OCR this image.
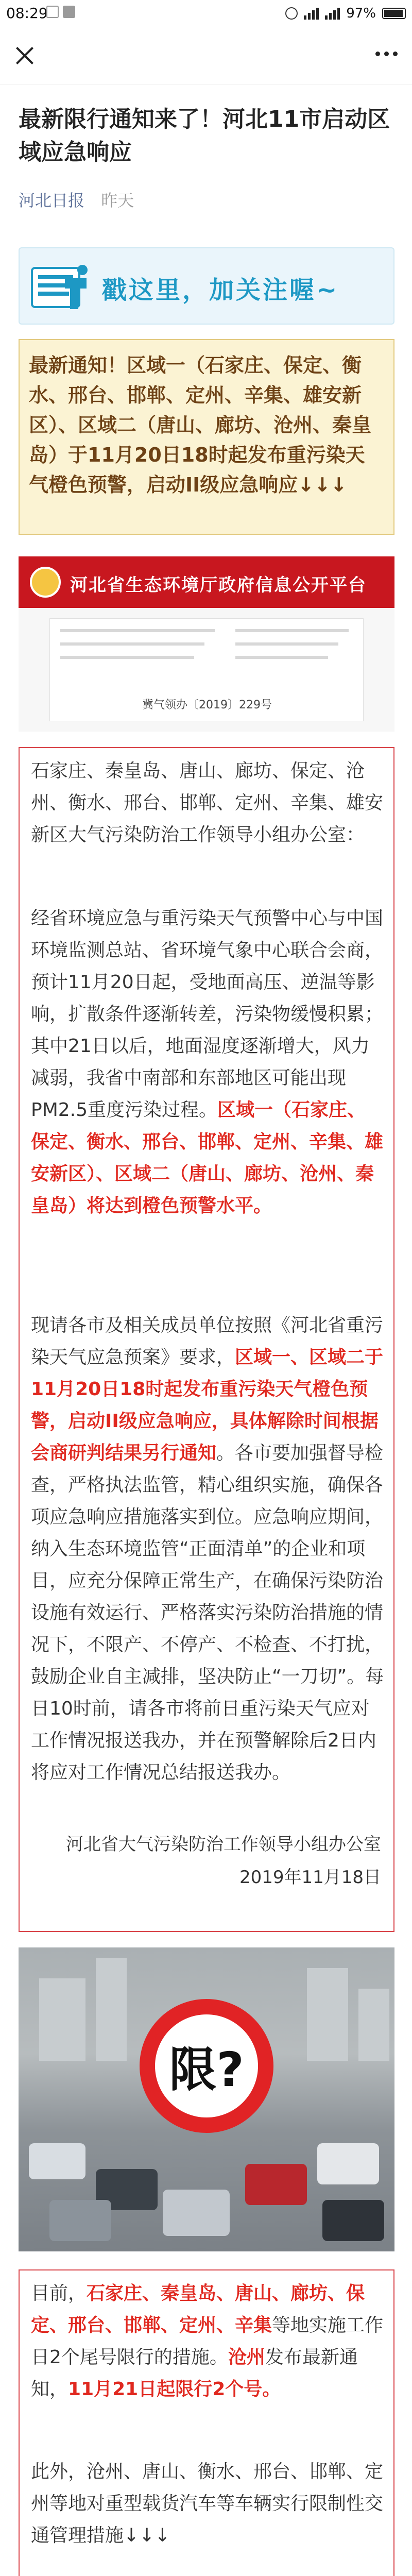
08:29	97%
最新限行通知来了！河北11市启动区域应急响应
河北日报 昨天
戳这里，加关注喔~

最新通知！区域一（石家庄、保定、衡水、邢台、邯郸、定州、辛集、雄安新区）、区域二（唐山、廊坊、沧州、秦皇岛）于11月20日18时起发布重污染天气橙色预警，启动II级应急响应↓↓↓

河北省生态环境厅政府信息公开平台
冀气领办〔2019〕229号

石家庄、秦皇岛、唐山、廊坊、保定、沧州、衡水、邢台、邯郸、定州、辛集、雄安新区大气污染防治工作领导小组办公室：

经省环境应急与重污染天气预警中心与中国环境监测总站、省环境气象中心联合会商，预计11月20日起，受地面高压、逆温等影响，扩散条件逐渐转差，污染物缓慢积累；其中21日以后，地面湿度逐渐增大，风力减弱，我省中南部和东部地区可能出现PM2.5重度污染过程。区域一（石家庄、保定、衡水、邢台、邯郸、定州、辛集、雄安新区）、区域二（唐山、廊坊、沧州、秦皇岛）将达到橙色预警水平。

现请各市及相关成员单位按照《河北省重污染天气应急预案》要求，区域一、区域二于11月20日18时起发布重污染天气橙色预警，启动II级应急响应，具体解除时间根据会商研判结果另行通知。各市要加强督导检查，严格执法监管，精心组织实施，确保各项应急响应措施落实到位。应急响应期间，纳入生态环境监管“正面清单”的企业和项目，应充分保障正常生产，在确保污染防治设施有效运行、严格落实污染防治措施的情况下，不限产、不停产、不检查、不打扰，鼓励企业自主减排，坚决防止“一刀切”。每日10时前，请各市将前日重污染天气应对工作情况报送我办，并在预警解除后2日内将应对工作情况总结报送我办。

河北省大气污染防治工作领导小组办公室
2019年11月18日
限?

目前，石家庄、秦皇岛、唐山、廊坊、保定、邢台、邯郸、定州、辛集等地实施工作日2个尾号限行的措施。沧州发布最新通知，11月21日起限行2个号。

此外，沧州、唐山、衡水、邢台、邯郸、定州等地对重型载货汽车等车辆实行限制性交通管理措施↓↓↓
